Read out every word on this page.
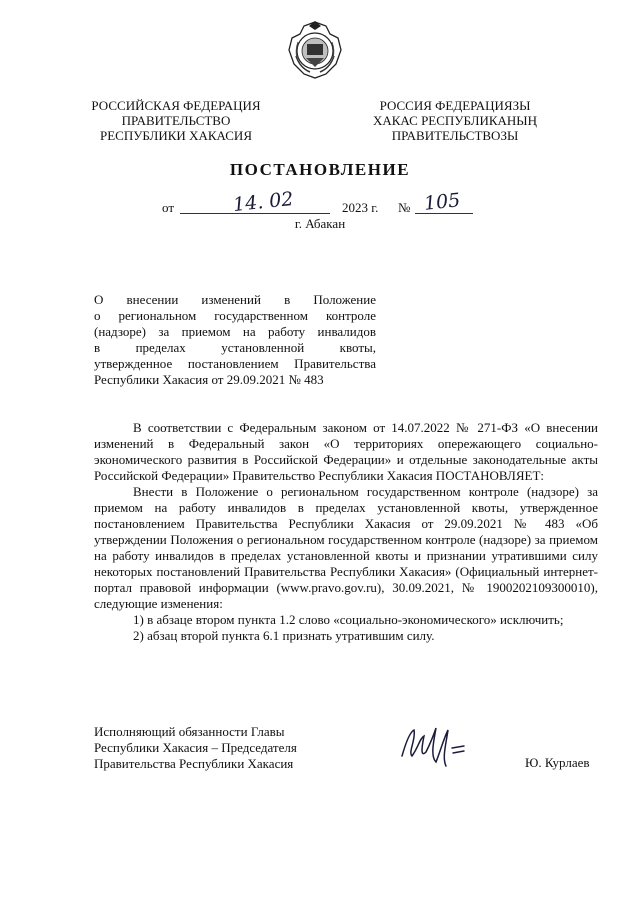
РОССИЙСКАЯ ФЕДЕРАЦИЯ
ПРАВИТЕЛЬСТВО
РЕСПУБЛИКИ ХАКАСИЯ
РОССИЯ ФЕДЕРАЦИЯЗЫ
ХАКАС РЕСПУБЛИКАНЫҢ
ПРАВИТЕЛЬСТВОЗЫ
ПОСТАНОВЛЕНИЕ
от	14. 02	2023 г. № 105
г. Абакан
О внесении изменений в Положение
о региональном государственном контроле
(надзоре) за приемом на работу инвалидов
в пределах установленной квоты,
утвержденное постановлением Правительства
Республики Хакасия от 29.09.2021 № 483

В соответствии с Федеральным законом от 14.07.2022 № 271-ФЗ «О внесении изменений в Федеральный закон «О территориях опережающего социально-экономического развития в Российской Федерации» и отдельные законодательные акты Российской Федерации» Правительство Республики Хакасия ПОСТАНОВЛЯЕТ:

Внести в Положение о региональном государственном контроле (надзоре) за приемом на работу инвалидов в пределах установленной квоты, утвержденное постановлением Правительства Республики Хакасия от 29.09.2021 № 483 «Об утверждении Положения о региональном государственном контроле (надзоре) за приемом на работу инвалидов в пределах установленной квоты и признании утратившими силу некоторых постановлений Правительства Республики Хакасия» (Официальный интернет-портал правовой информации (www.pravo.gov.ru), 30.09.2021, № 1900202109300010), следующие изменения:

1) в абзаце втором пункта 1.2 слово «социально-экономического» исключить;

2) абзац второй пункта 6.1 признать утратившим силу.

Исполняющий обязанности Главы
Республики Хакасия – Председателя
Правительства Республики Хакасия	Ю. Курлаев
